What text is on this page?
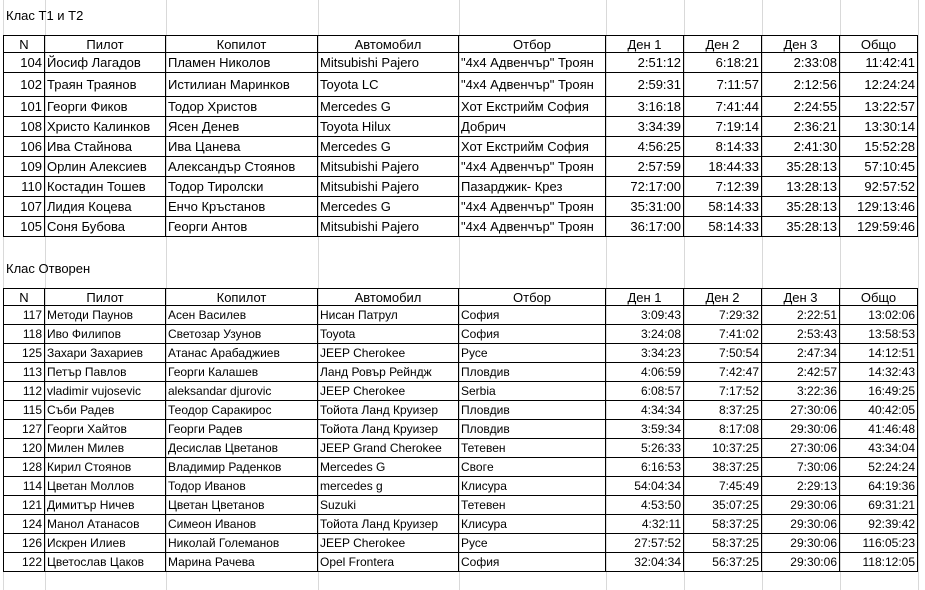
Клас Т1 и Т2
N	Пилот	Копилот	Автомобил	Отбор	Ден 1	Ден 2	Ден 3	Общо
104 Йосиф Лагадов	Пламен Николов	Mitsubishi Pajero	"4х4 Адвенчър" Троян	2:51:12	6:18:21	2:33:08	11:42:41
102 Траян Траянов	Истилиан Маринков	Toyota LC	"4х4 Адвенчър" Троян	2:59:31	7:11:57	2:12:56	12:24:24
101 Георги Фиков	Тодор Христов	Mercedes G	Хот Екстрийм София	3:16:18	7:41:44	2:24:55	13:22:57
108 Христо Калинков	Ясен Денев	Toyota Hilux	Добрич	3:34:39	7:19:14	2:36:21	13:30:14
106 Ива Стайнова	Ива Цанева	Mercedes G	Хот Екстрийм София	4:56:25	8:14:33	2:41:30	15:52:28
109 Орлин Алексиев	Александър Стоянов	Mitsubishi Pajero	"4х4 Адвенчър" Троян	2:57:59	18:44:33	35:28:13	57:10:45
110 Костадин Тошев	Тодор Тиролски	Mitsubishi Pajero	Пазарджик- Крез	72:17:00	7:12:39	13:28:13	92:57:52
107 Лидия Коцева	Енчо Кръстанов	Mercedes G	"4х4 Адвенчър" Троян	35:31:00	58:14:33	35:28:13	129:13:46
105 Соня Бубова	Георги Антов	Mitsubishi Pajero	"4х4 Адвенчър" Троян	36:17:00	58:14:33	35:28:13	129:59:46
Клас Отворен
N	Пилот	Копилот	Автомобил	Отбор	Ден 1	Ден 2	Ден 3	Общо
117 Методи Паунов	Асен Василев	Нисан Патрул	София	3:09:43	7:29:32	2:22:51	13:02:06
118 Иво Филипов	Светозар Узунов	Toyota	София	3:24:08	7:41:02	2:53:43	13:58:53
125 Захари Захариев	Атанас Арабаджиев	JEEP Cherokee	Русе	3:34:23	7:50:54	2:47:34	14:12:51
113 Петър Павлов	Георги Калашев	Ланд Ровър Рейндж	Пловдив	4:06:59	7:42:47	2:42:57	14:32:43
112 vladimir vujosevic	aleksandar djurovic	JEEP Cherokee	Serbia	6:08:57	7:17:52	3:22:36	16:49:25
115 Съби Радев	Теодор Саракирос	Тойота Ланд Круизер	Пловдив	4:34:34	8:37:25	27:30:06	40:42:05
127 Георги Хайтов	Георги Радев	Тойота Ланд Круизер	Пловдив	3:59:34	8:17:08	29:30:06	41:46:48
120 Милен Милев	Десислав Цветанов	JEEP Grand Cherokee	Тетевен	5:26:33	10:37:25	27:30:06	43:34:04
128 Кирил Стоянов	Владимир Раденков	Mercedes G	Свогe	6:16:53	38:37:25	7:30:06	52:24:24
114 Цветан Моллов	Тодор Иванов	mercedes g	Клисура	54:04:34	7:45:49	2:29:13	64:19:36
121 Димитър Ничев	Цветан Цветанов	Suzuki	Тетевен	4:53:50	35:07:25	29:30:06	69:31:21
124 Манол Атанасов	Симеон Иванов	Тойота Ланд Круизер	Клисура	4:32:11	58:37:25	29:30:06	92:39:42
126 Искрен Илиев	Николай Големанов	JEEP Cherokee	Русе	27:57:52	58:37:25	29:30:06	116:05:23
122 Цветослав Цаков	Марина Рачева	Opel Frontera	София	32:04:34	56:37:25	29:30:06	118:12:05
